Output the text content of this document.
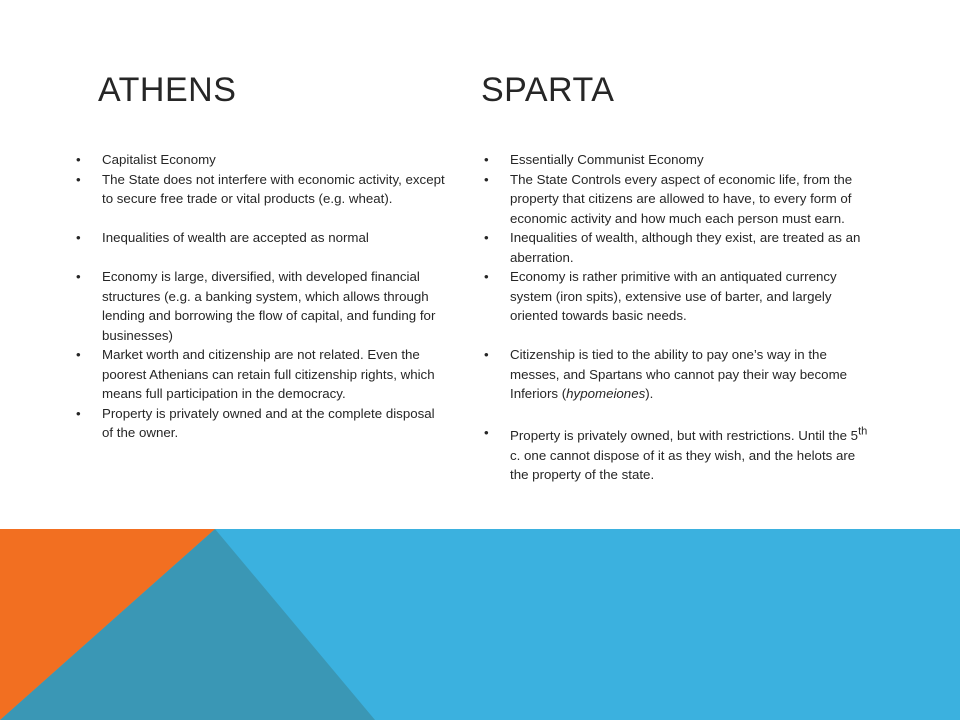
ATHENS	SPARTA
•	Capitalist Economy
•	The State does not interfere with economic activity, except to secure free trade or vital products (e.g. wheat).
•	Inequalities of wealth are accepted as normal
•	Economy is large, diversified, with developed financial structures (e.g. a banking system, which allows through lending and borrowing the flow of capital, and funding for businesses)
•	Market worth and citizenship are not related. Even the poorest Athenians can retain full citizenship rights, which means full participation in the democracy.
•	Property is privately owned and at the complete disposal of the owner.
•	Essentially Communist Economy
•	The State Controls every aspect of economic life, from the property that citizens are allowed to have, to every form of economic activity and how much each person must earn.
•	Inequalities of wealth, although they exist, are treated as an aberration.
•	Economy is rather primitive with an antiquated currency system (iron spits), extensive use of barter, and largely oriented towards basic needs.
•	Citizenship is tied to the ability to pay one’s way in the messes, and Spartans who cannot pay their way become Inferiors (hypomeiones).
•	Property is privately owned, but with restrictions. Until the 5th c. one cannot dispose of it as they wish, and the helots are the property of the state.
